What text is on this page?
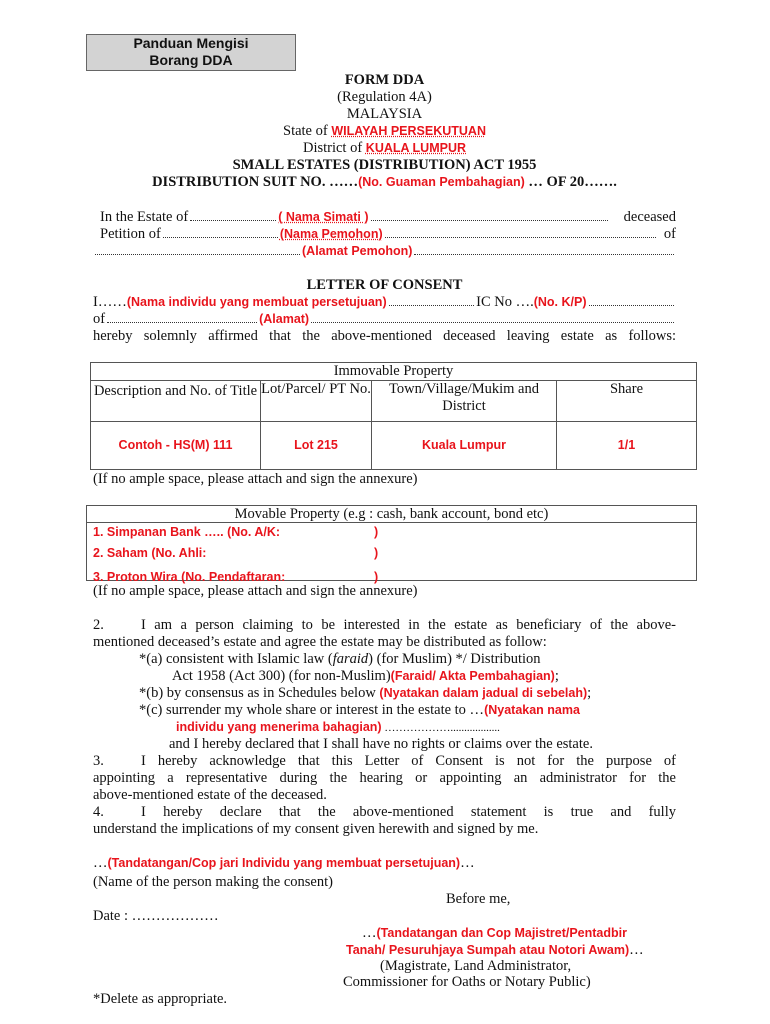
Panduan Mengisi
Borang DDA
FORM DDA
(Regulation 4A)
MALAYSIA
State of WILAYAH PERSEKUTUAN
District of KUALA LUMPUR
SMALL ESTATES (DISTRIBUTION) ACT 1955
DISTRIBUTION SUIT NO. ……(No. Guaman Pembahagian) … OF 20…….
In the Estate of	( Nama Simati )	deceased
Petition of	(Nama Pemohon)	of
(Alamat Pemohon)
LETTER OF CONSENT
I…… (Nama individu yang membuat persetujuan)	IC No …. (No. K/P)
of	(Alamat)
hereby solemnly affirmed that the above-mentioned deceased leaving estate as follows:
Immovable Property			
Description and No. of Title	Lot/Parcel/ PT No.	Town/Village/Mukim and District	Share
Contoh - HS(M) 111	Lot 215	Kuala Lumpur	1/1
(If no ample space, please attach and sign the annexure)
Movable Property (e.g : cash, bank account, bond etc)
1. Simpanan Bank ….. (No. A/K:	)
2. Saham (No. Ahli:	)
3. Proton Wira (No. Pendaftaran:	)
(If no ample space, please attach and sign the annexure)
2.	I am a person claiming to be interested in the estate as beneficiary of the above-
mentioned deceased’s estate and agree the estate may be distributed as follow:
*(a) consistent with Islamic law (faraid) (for Muslim) */ Distribution
Act 1958 (Act 300) (for non-Muslim)(Faraid/ Akta Pembahagian);
*(b) by consensus as in Schedules below (Nyatakan dalam jadual di sebelah);
*(c) surrender my whole share or interest in the estate to …(Nyatakan nama
individu yang menerima bahagian) ………………..................
and I hereby declared that I shall have no rights or claims over the estate.
3.	I hereby acknowledge that this Letter of Consent is not for the purpose of
appointing a representative during the hearing or appointing an administrator for the
above-mentioned estate of the deceased.
4.	I hereby declare that the above-mentioned statement is true and fully
understand the implications of my consent given herewith and signed by me.
…(Tandatangan/Cop jari Individu yang membuat persetujuan)…
(Name of the person making the consent)
Before me,
Date : ………………
…(Tandatangan dan Cop Majistret/Pentadbir
Tanah/ Pesuruhjaya Sumpah atau Notori Awam)…
(Magistrate, Land Administrator,
Commissioner for Oaths or Notary Public)
*Delete as appropriate.
